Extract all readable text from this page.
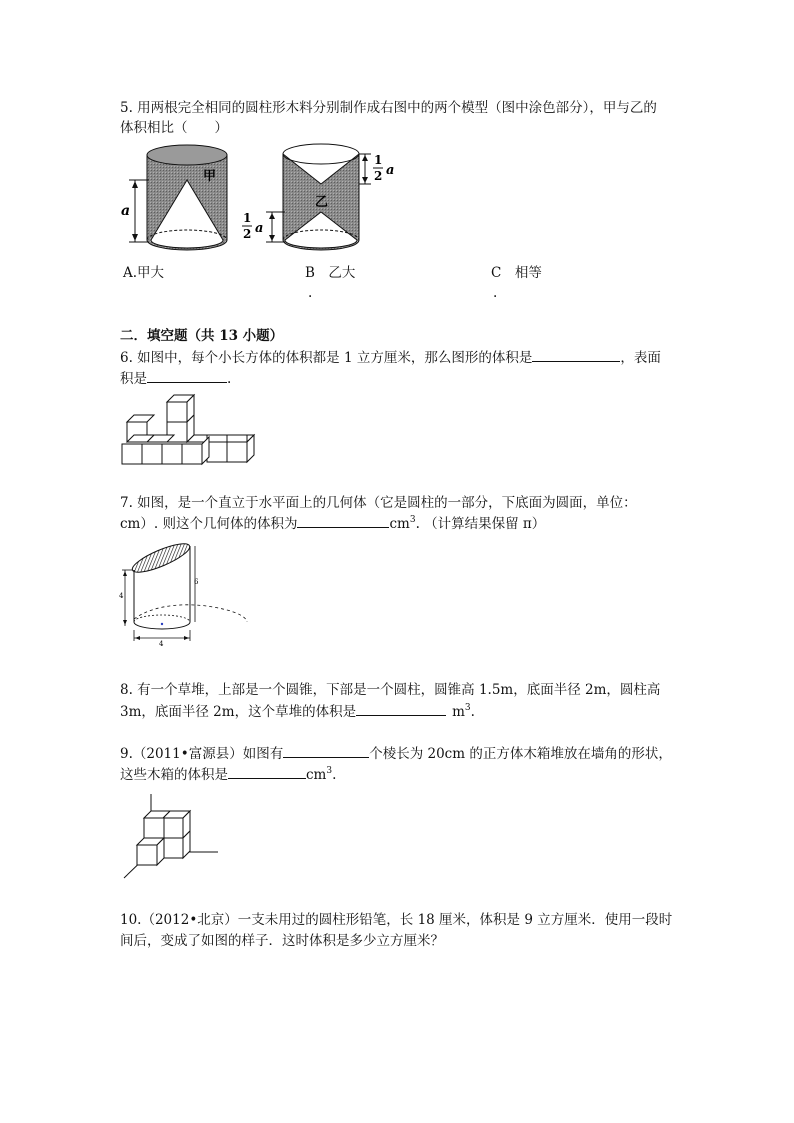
5. 用两根完全相同的圆柱形木料分别制作成右图中的两个模型（图中涂色部分），甲与乙的
体积相比（　　）
甲
a
乙
1
2 a
1
2 a
A.甲大	B　乙大
.
C　相等
.
二．填空题（共 13 小题）
6. 如图中，每个小长方体的体积都是 1 立方厘米，那么图形的体积是	，表面
积是	.
7. 如图，是一个直立于水平面上的几何体（它是圆柱的一部分，下底面为圆面，单位：
cm）. 则这个几何体的体积为	$cm^3$. （计算结果保留 π）
4
6
4
8. 有一个草堆，上部是一个圆锥，下部是一个圆柱，圆锥高 1.5m，底面半径 2m，圆柱高
3m，底面半径 2m，这个草堆的体积是	$m^3$.
9.（2011•富源县）如图有	个棱长为 20cm 的正方体木箱堆放在墙角的形状，
这些木箱的体积是	$cm^3$.
10.（2012•北京）一支未用过的圆柱形铅笔，长 18 厘米，体积是 9 立方厘米．使用一段时
间后，变成了如图的样子．这时体积是多少立方厘米？
